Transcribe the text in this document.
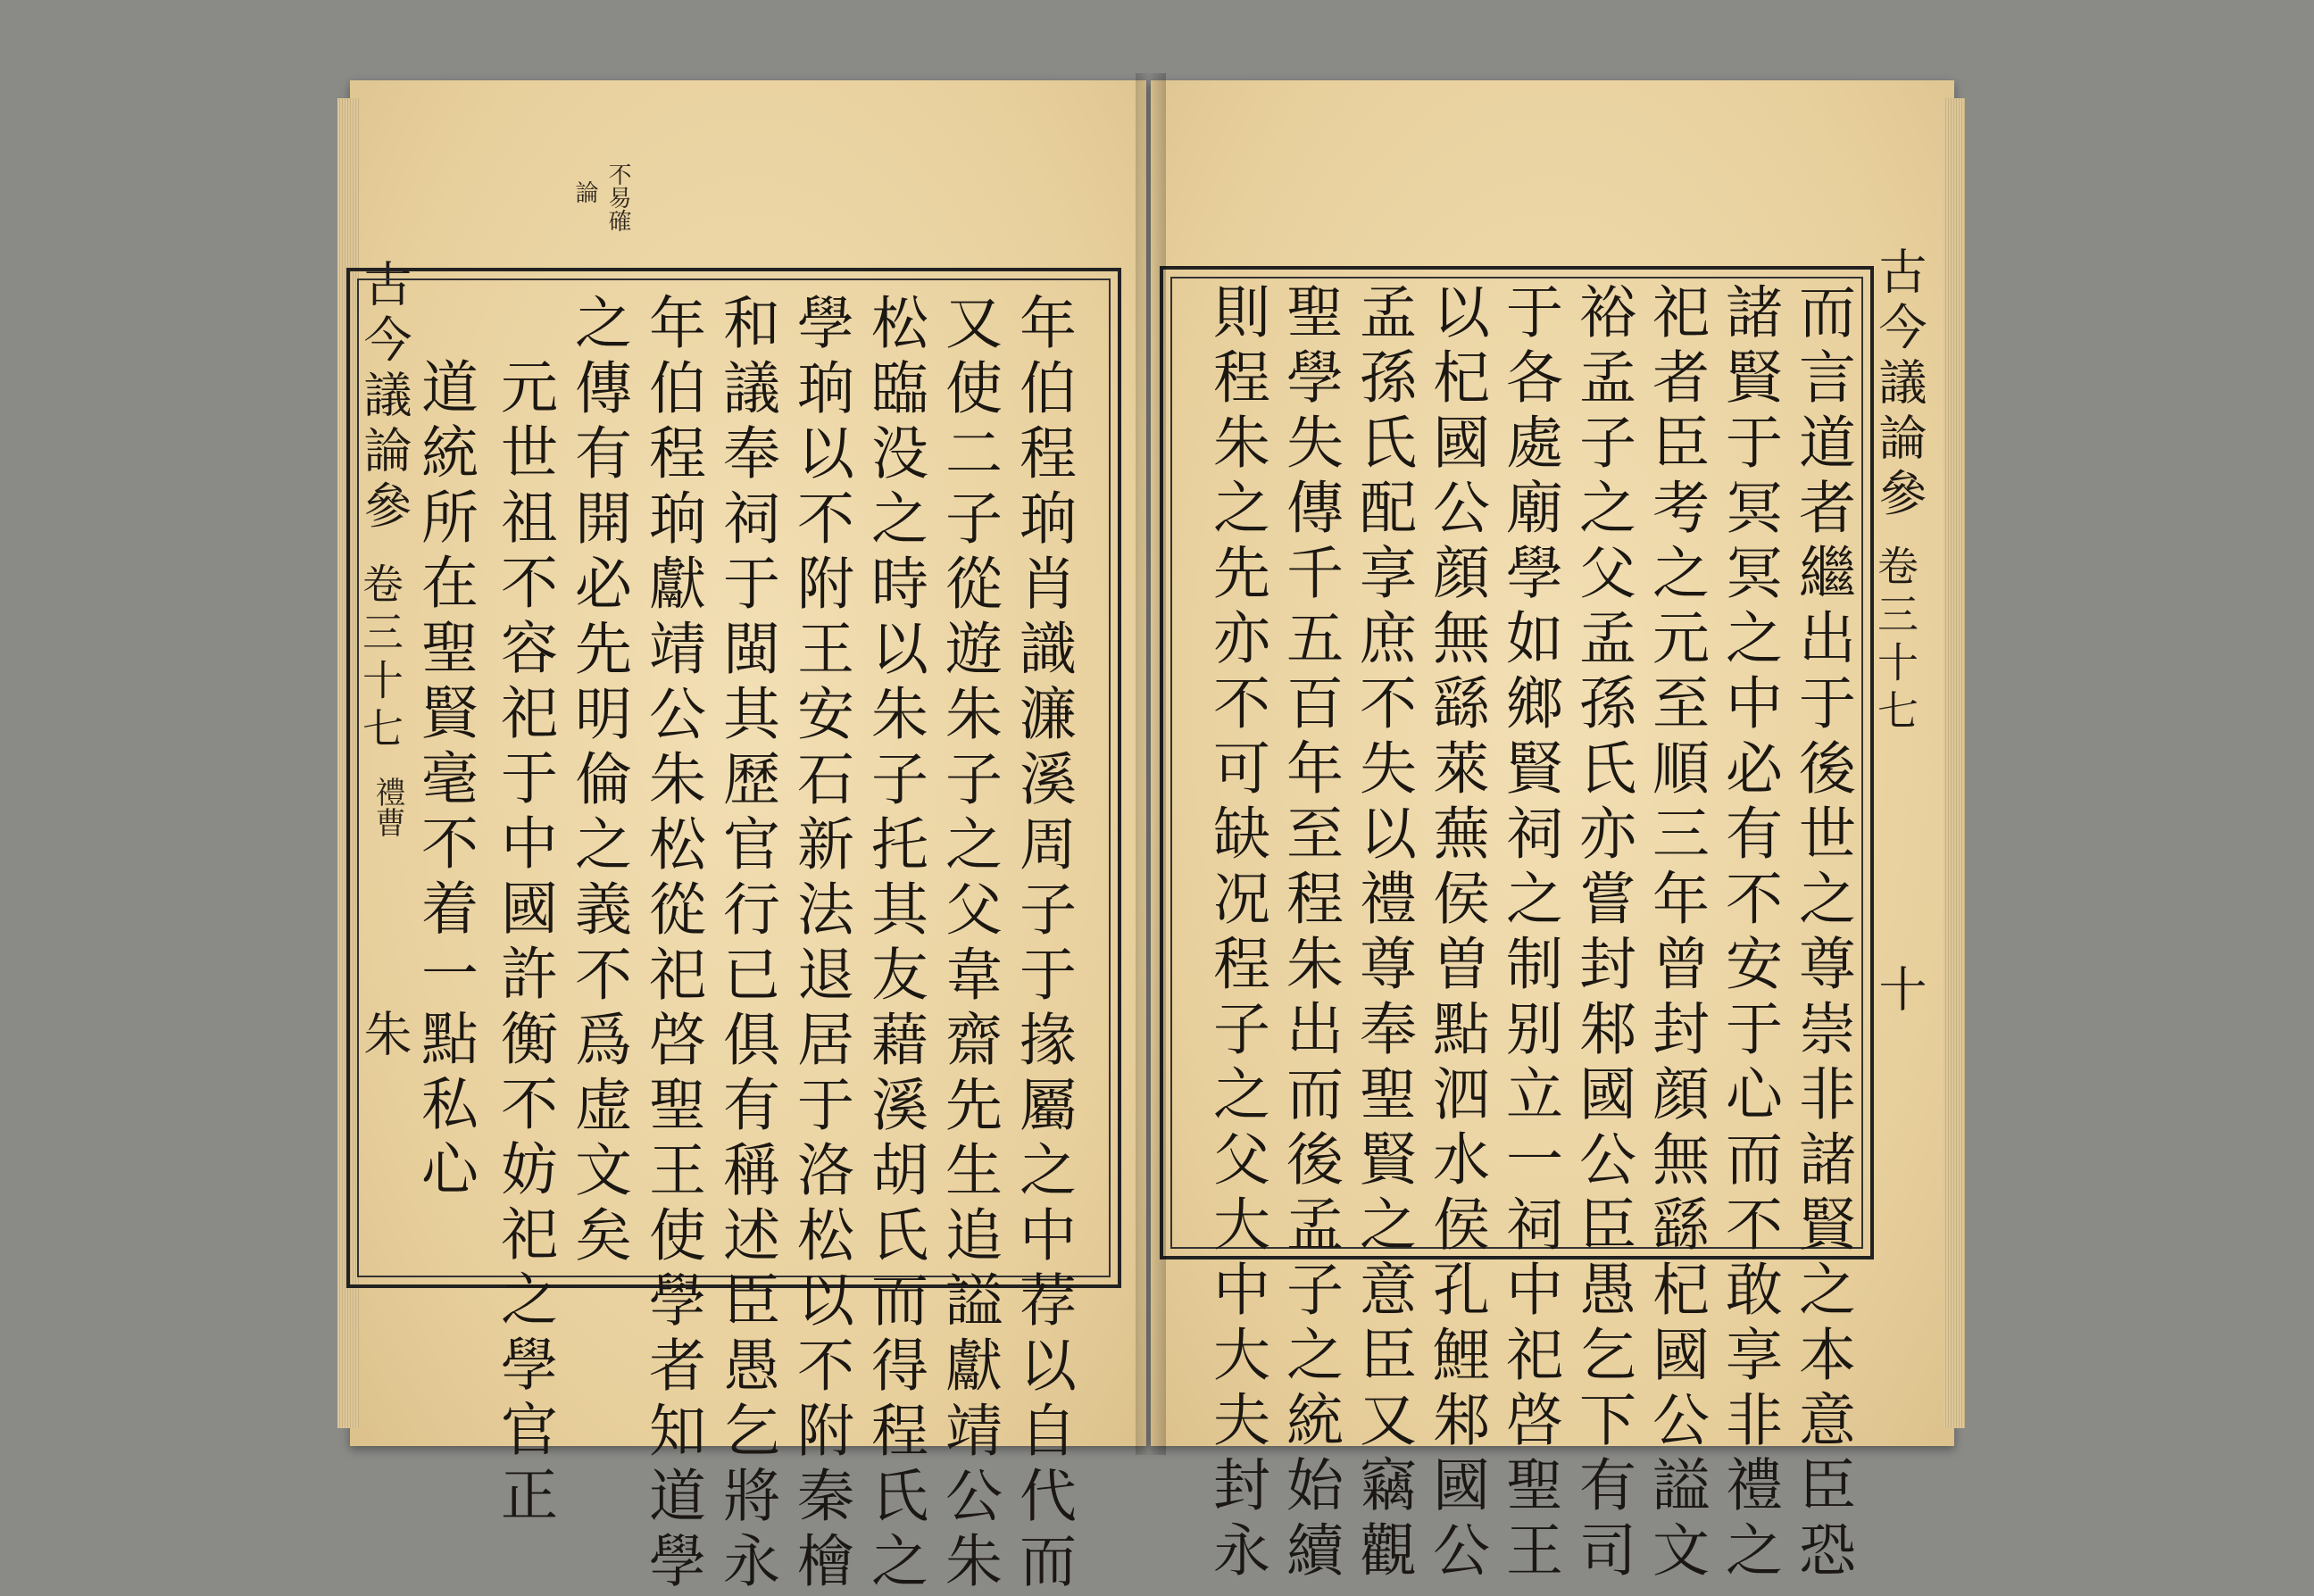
不易確
論
古今議論參
卷三十七
禮曹
朱	年伯程珦肖識濂溪周子于掾屬之中荐以自代而
又使二子從遊朱子之父韋齋先生追謚獻靖公朱
松臨没之時以朱子托其友藉溪胡氏而得程氏之
學珦以不附王安石新法退居于洛松以不附秦檜
和議奉祠于閩其歷官行已俱有稱述臣愚乞將永
年伯程珦獻靖公朱松從祀啓聖王使學者知道學
之傳有開必先明倫之義不爲虚文矣
元世祖不容祀于中國許衡不妨祀之學官正
道統所在聖賢毫不着一點私心	古今議論參
卷三十七
十
而言道者繼出于後世之尊崇非諸賢之本意臣恐
諸賢于冥冥之中必有不安于心而不敢享非禮之
祀者臣考之元至順三年曾封顔無繇杞國公謚文
裕孟子之父孟孫氏亦嘗封邾國公臣愚乞下有司
于各處廟學如鄉賢祠之制别立一祠中祀啓聖王
以杞國公顔無繇萊蕪侯曽點泗水侯孔鯉邾國公
孟孫氏配享庶不失以禮尊奉聖賢之意臣又竊觀
聖學失傳千五百年至程朱出而後孟子之統始續
則程朱之先亦不可缺况程子之父大中大夫封永
